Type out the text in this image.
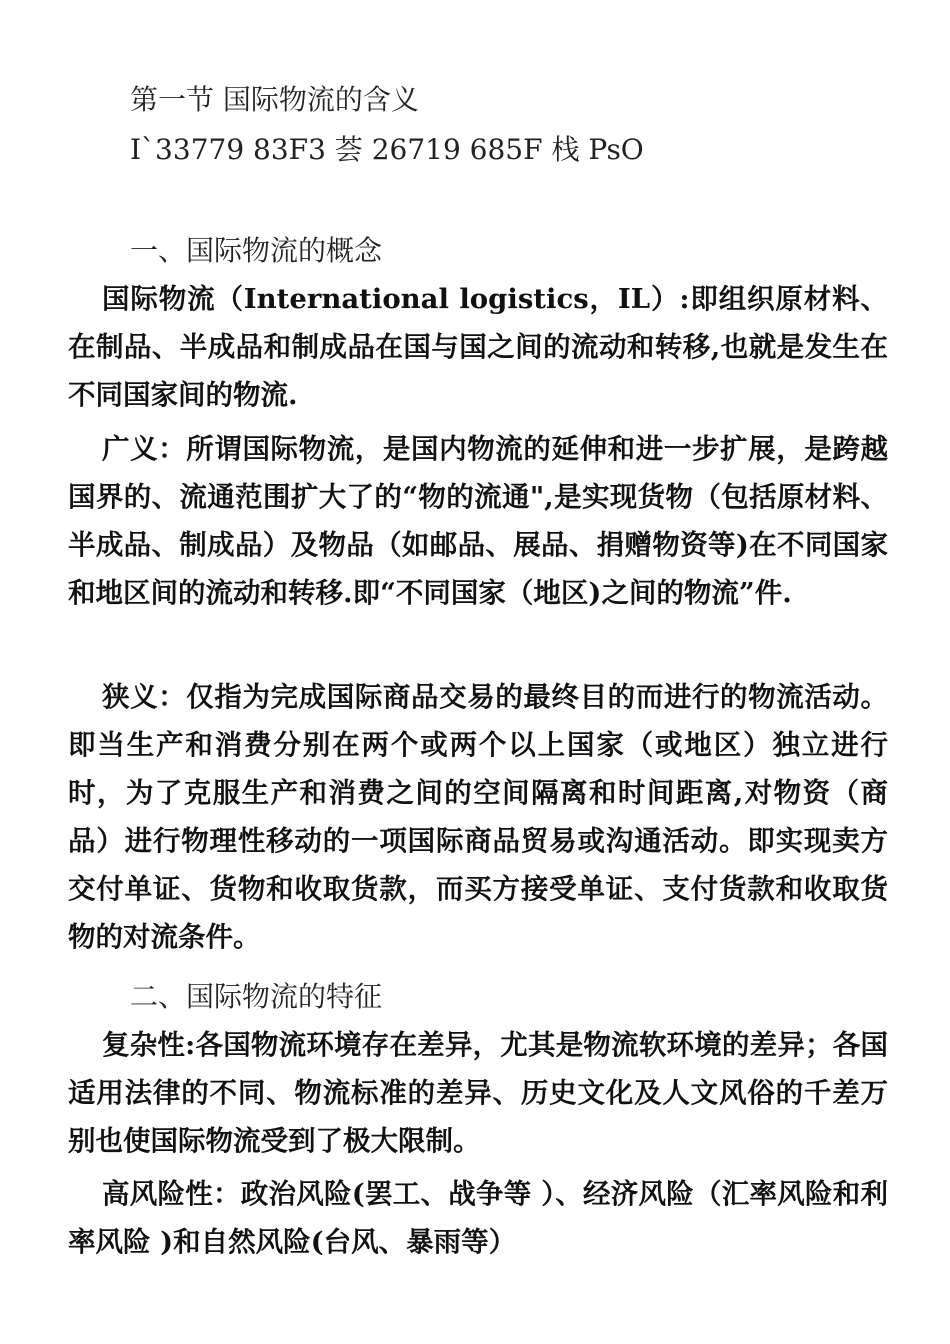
第一节 国际物流的含义
I`33779 83F3 荟 26719 685F 栈 PsO
一、国际物流的概念
国际物流（International logistics，IL）:即组织原材料、在制品、半成品和制成品在国与国之间的流动和转移,也就是发生在不同国家间的物流.
广义：所谓国际物流，是国内物流的延伸和进一步扩展，是跨越国界的、流通范围扩大了的“物的流通",是实现货物（包括原材料、半成品、制成品）及物品（如邮品、展品、捐赠物资等)在不同国家和地区间的流动和转移.即“不同国家（地区)之间的物流”件.
狭义：仅指为完成国际商品交易的最终目的而进行的物流活动。即当生产和消费分别在两个或两个以上国家（或地区）独立进行时，为了克服生产和消费之间的空间隔离和时间距离,对物资（商品）进行物理性移动的一项国际商品贸易或沟通活动。即实现卖方交付单证、货物和收取货款，而买方接受单证、支付货款和收取货物的对流条件。
二、国际物流的特征
复杂性:各国物流环境存在差异，尤其是物流软环境的差异；各国适用法律的不同、物流标准的差异、历史文化及人文风俗的千差万别也使国际物流受到了极大限制。
高风险性：政治风险(罢工、战争等 ）、经济风险（汇率风险和利率风险 )和自然风险(台风、暴雨等）
